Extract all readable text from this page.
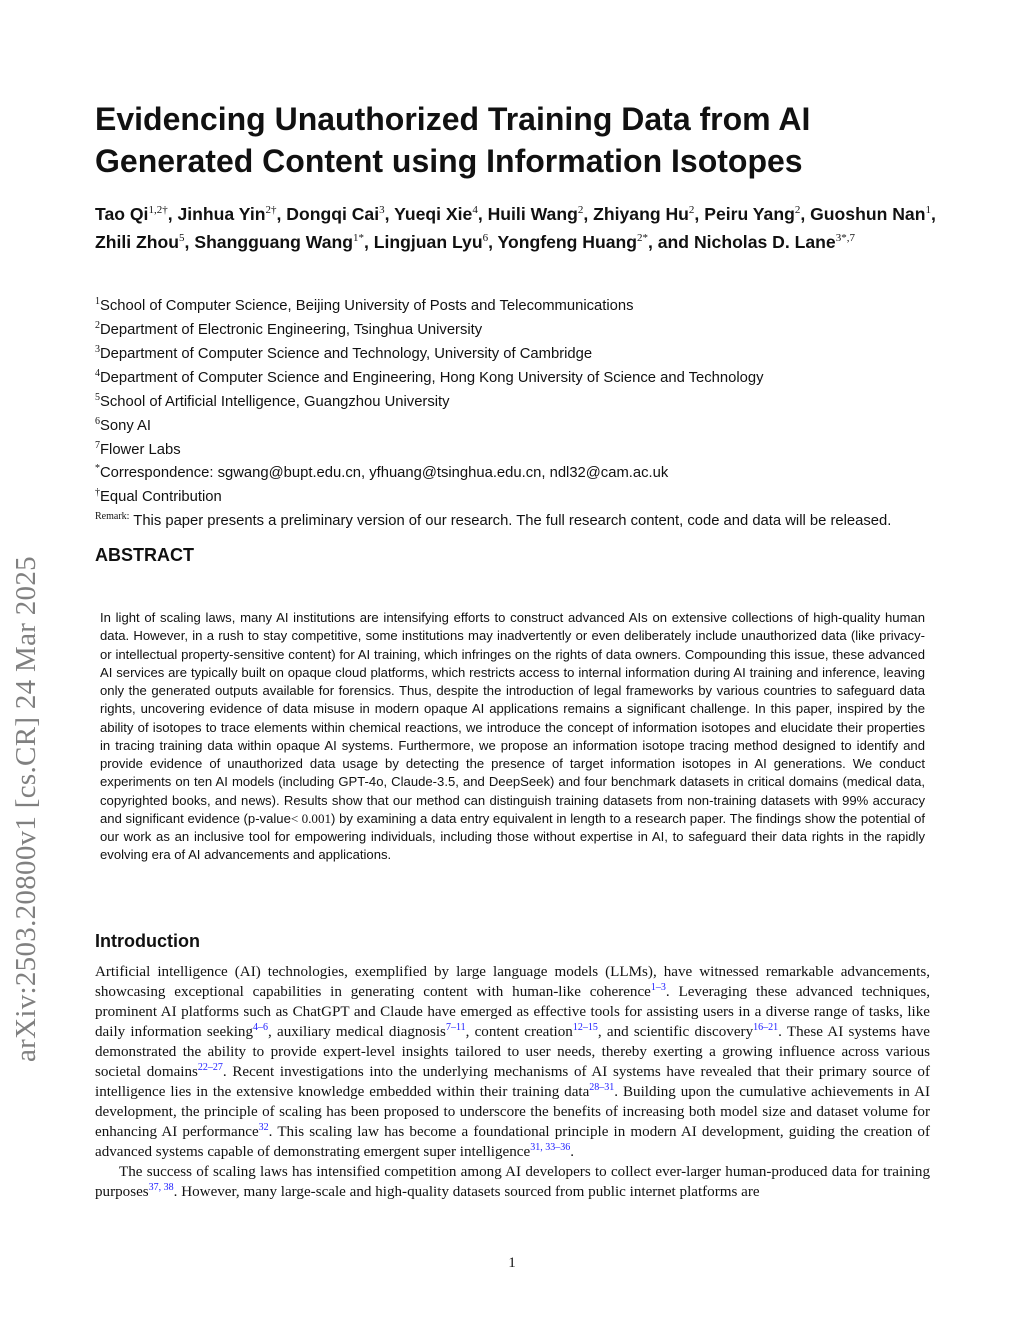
arXiv:2503.20800v1 [cs.CR] 24 Mar 2025
Evidencing Unauthorized Training Data from AI Generated Content using Information Isotopes

Tao $Qi^{1,2\dagger}$, Jinhua Yin$^{2\dagger}$, Dongqi Cai$^3$, Yueqi Xie$^4$, Huili Wang$^2$, Zhiyang Hu$^2$, Peiru Yang$^2$, Guoshun Nan$^1$, Zhili Zhou$^5$, Shangguang Wang$^{1*}$, Lingjuan Lyu$^6$, Yongfeng Huang$^{2*}$, and Nicholas D. Lane$^{3*,7}$

$^1$School of Computer Science, Beijing University of Posts and Telecommunications
$^2$Department of Electronic Engineering, Tsinghua University
$^3$Department of Computer Science and Technology, University of Cambridge
$^4$Department of Computer Science and Engineering, Hong Kong University of Science and Technology
$^5$School of Artificial Intelligence, Guangzhou University
$^6$Sony AI
$^7$Flower Labs
*Correspondence: sgwang@bupt.edu.cn, yfhuang@tsinghua.edu.cn, ndl32@cam.ac.uk
†Equal Contribution
$^{Remark:}$ This paper presents a preliminary version of our research. The full research content, code and data will be released.
ABSTRACT

In light of scaling laws, many AI institutions are intensifying efforts to construct advanced AIs on extensive collections of high-quality human data. However, in a rush to stay competitive, some institutions may inadvertently or even deliberately include unauthorized data (like privacy- or intellectual property-sensitive content) for AI training, which infringes on the rights of data owners. Compounding this issue, these advanced AI services are typically built on opaque cloud platforms, which restricts access to internal information during AI training and inference, leaving only the generated outputs available for forensics. Thus, despite the introduction of legal frameworks by various countries to safeguard data rights, uncovering evidence of data misuse in modern opaque AI applications remains a significant challenge. In this paper, inspired by the ability of isotopes to trace elements within chemical reactions, we introduce the concept of information isotopes and elucidate their properties in tracing training data within opaque AI systems. Furthermore, we propose an information isotope tracing method designed to identify and provide evidence of unauthorized data usage by detecting the presence of target information isotopes in AI generations. We conduct experiments on ten AI models (including GPT-4o, Claude-3.5, and DeepSeek) and four benchmark datasets in critical domains (medical data, copyrighted books, and news). Results show that our method can distinguish training datasets from non-training datasets with 99% accuracy and significant evidence (p-value< 0.001) by examining a data entry equivalent in length to a research paper. The findings show the potential of our work as an inclusive tool for empowering individuals, including those without expertise in AI, to safeguard their data rights in the rapidly evolving era of AI advancements and applications.

Introduction

Artificial intelligence (AI) technologies, exemplified by large language models (LLMs), have witnessed remarkable advancements, showcasing exceptional capabilities in generating content with human-like coherence$^{1-3}$. Leveraging these advanced techniques, prominent AI platforms such as ChatGPT and Claude have emerged as effective tools for assisting users in a diverse range of tasks, like daily information seeking$^{4-6}$, auxiliary medical diagnosis$^{7-11}$, content creation$^{12-15}$, and scientific discovery$^{16-21}$. These AI systems have demonstrated the ability to provide expert-level insights tailored to user needs, thereby exerting a growing influence across various societal domains$^{22-27}$. Recent investigations into the underlying mechanisms of AI systems have revealed that their primary source of intelligence lies in the extensive knowledge embedded within their training data$^{28-31}$. Building upon the cumulative achievements in AI development, the principle of scaling has been proposed to underscore the benefits of increasing both model size and dataset volume for enhancing AI performance$^{32}$. This scaling law has become a foundational principle in modern AI development, guiding the creation of advanced systems capable of demonstrating emergent super intelligence$^{31, 33-36}$.

The success of scaling laws has intensified competition among AI developers to collect ever-larger human-produced data for training purposes$^{37, 38}$. However, many large-scale and high-quality datasets sourced from public internet platforms are

1
